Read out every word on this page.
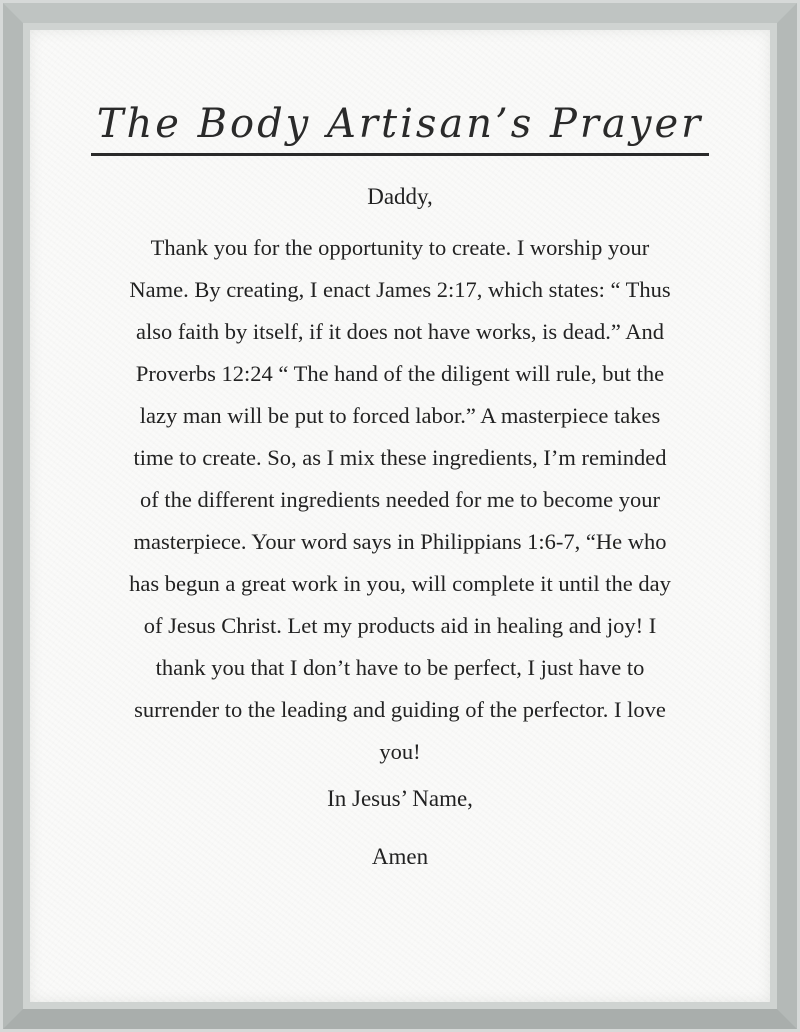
The Body Artisan’s Prayer

Daddy,

Thank you for the opportunity to create. I worship your
Name. By creating, I enact James 2:17, which states: “ Thus
also faith by itself, if it does not have works, is dead.” And
Proverbs 12:24 “ The hand of the diligent will rule, but the
lazy man will be put to forced labor.” A masterpiece takes
time to create. So, as I mix these ingredients, I’m reminded
of the different ingredients needed for me to become your
masterpiece. Your word says in Philippians 1:6-7, “He who
has begun a great work in you, will complete it until the day
of Jesus Christ. Let my products aid in healing and joy! I
thank you that I don’t have to be perfect, I just have to
surrender to the leading and guiding of the perfector. I love
you!

In Jesus’ Name,

Amen
